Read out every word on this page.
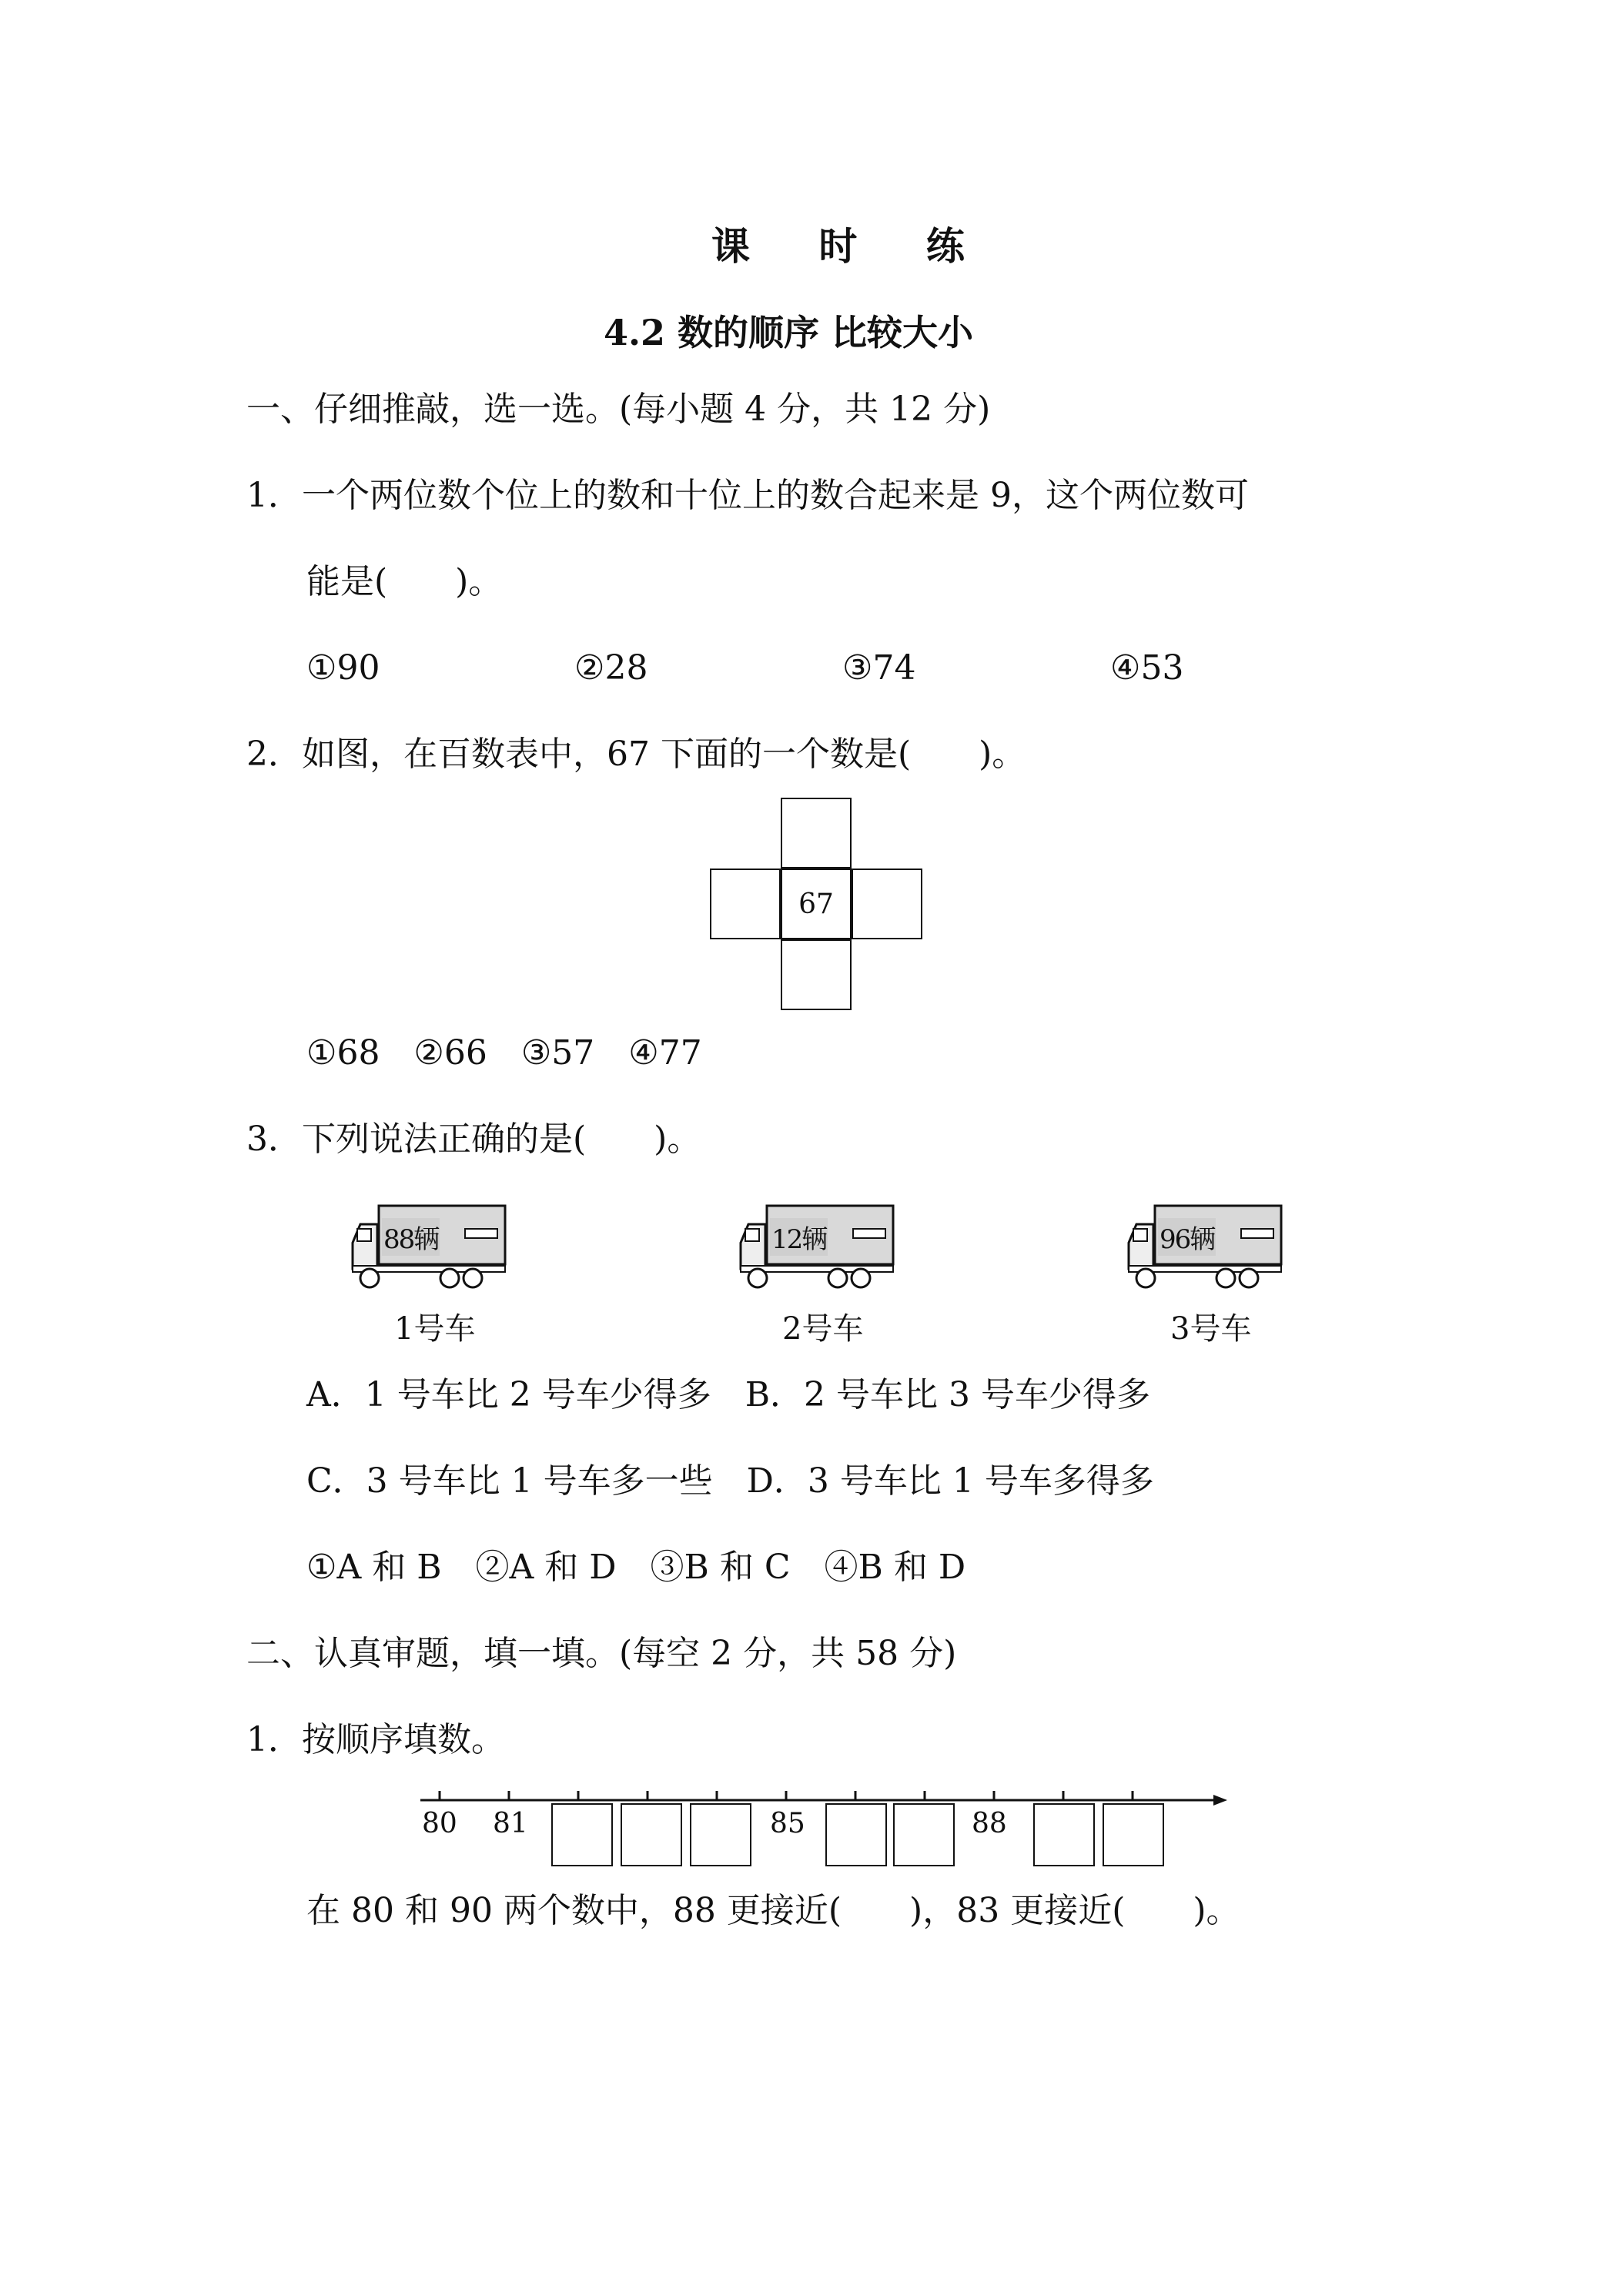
课 时 练
4.2 数的顺序 比较大小
一、仔细推敲，选一选。(每小题 4 分，共 12 分)
1．一个两位数个位上的数和十位上的数合起来是 9，这个两位数可
能是(　　)。
①90	②28	③74	④53
2．如图，在百数表中，67 下面的一个数是(　　)。
67
①68　②66　③57　④77
3．下列说法正确的是(　　)。
88辆
1号车
12辆
2号车
96辆
3号车
A．1 号车比 2 号车少得多　B．2 号车比 3 号车少得多
C．3 号车比 1 号车多一些　D．3 号车比 1 号车多得多
①A 和 B　②A 和 D　③B 和 C　④B 和 D
二、认真审题，填一填。(每空 2 分，共 58 分)
1．按顺序填数。
80 81	85	88
在 80 和 90 两个数中，88 更接近(　　)，83 更接近(　　)。
